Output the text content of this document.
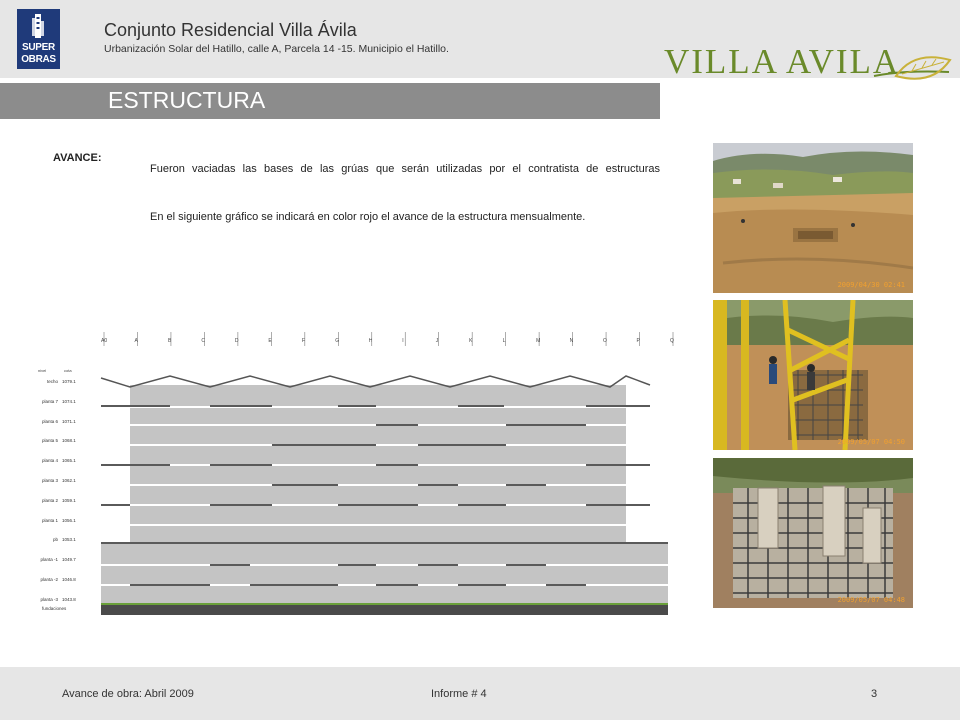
SUPER
OBRAS
Conjunto Residencial Villa Ávila
Urbanización Solar del Hatillo, calle A, Parcela 14 -15. Municipio el Hatillo.	VILLA AVILA
ESTRUCTURA
AVANCE:
Fueron vaciadas las bases de las grúas que serán utilizadas por el contratista de estructuras
En el siguiente gráfico se indicará en color rojo el avance de la estructura mensualmente.
2009/04/30 02:41
2009/05/07 04:50
2009/05/07 04:48
A0	A	B	C	D	E	F	G	H	I	J	K	L	M	N	O	P	Q
nivel	cota
techo 1079.1
planta 7 1074.1
planta 6 1071.1
planta 5 1068.1
planta 4 1065.1
planta 3 1062.1
planta 2 1059.1
planta 1 1056.1
pb 1053.1
planta -1 1049.7
planta -2 1046.8
planta -3 1043.8
fundaciones
Avance de obra: Abril 2009	Informe # 4	3
